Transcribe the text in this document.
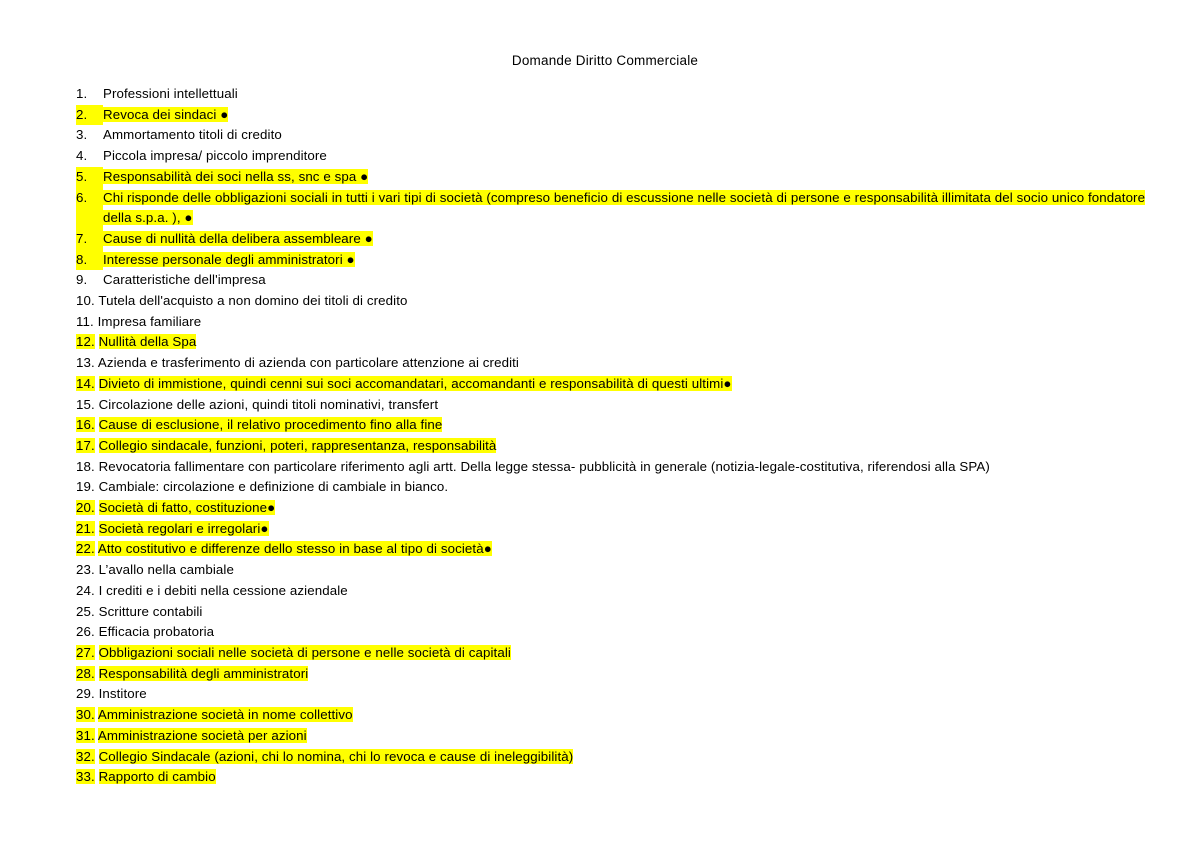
Domande Diritto Commerciale
1.	Professioni intellettuali
2.	Revoca dei sindaci ●
3.	Ammortamento titoli di credito
4.	Piccola impresa/ piccolo imprenditore
5.	Responsabilità dei soci nella ss, snc e spa ●
6.	Chi risponde delle obbligazioni sociali in tutti i vari tipi di società (compreso beneficio di escussione nelle società di persone e responsabilità illimitata del socio unico fondatore della s.p.a. ), ●
7.	Cause di nullità della delibera assembleare ●
8.	Interesse personale degli amministratori ●
9.	Caratteristiche dell'impresa
10. Tutela dell'acquisto a non domino dei titoli di credito
11. Impresa familiare
12. Nullità della Spa
13. Azienda e trasferimento di azienda con particolare attenzione ai crediti
14. Divieto di immistione, quindi cenni sui soci accomandatari, accomandanti e responsabilità di questi ultimi●
15. Circolazione delle azioni, quindi titoli nominativi, transfert
16. Cause di esclusione, il relativo procedimento fino alla fine
17. Collegio sindacale, funzioni, poteri, rappresentanza, responsabilità
18. Revocatoria fallimentare con particolare riferimento agli artt. Della legge stessa- pubblicità in generale (notizia-legale-costitutiva, riferendosi alla SPA)
19. Cambiale: circolazione e definizione di cambiale in bianco.
20. Società di fatto, costituzione●
21. Società regolari e irregolari●
22. Atto costitutivo e differenze dello stesso in base al tipo di società●
23. L’avallo nella cambiale
24. I crediti e i debiti nella cessione aziendale
25. Scritture contabili
26. Efficacia probatoria
27. Obbligazioni sociali nelle società di persone e nelle società di capitali
28. Responsabilità degli amministratori
29. Institore
30. Amministrazione società in nome collettivo
31. Amministrazione società per azioni
32. Collegio Sindacale (azioni, chi lo nomina, chi lo revoca e cause di ineleggibilità)
33. Rapporto di cambio
